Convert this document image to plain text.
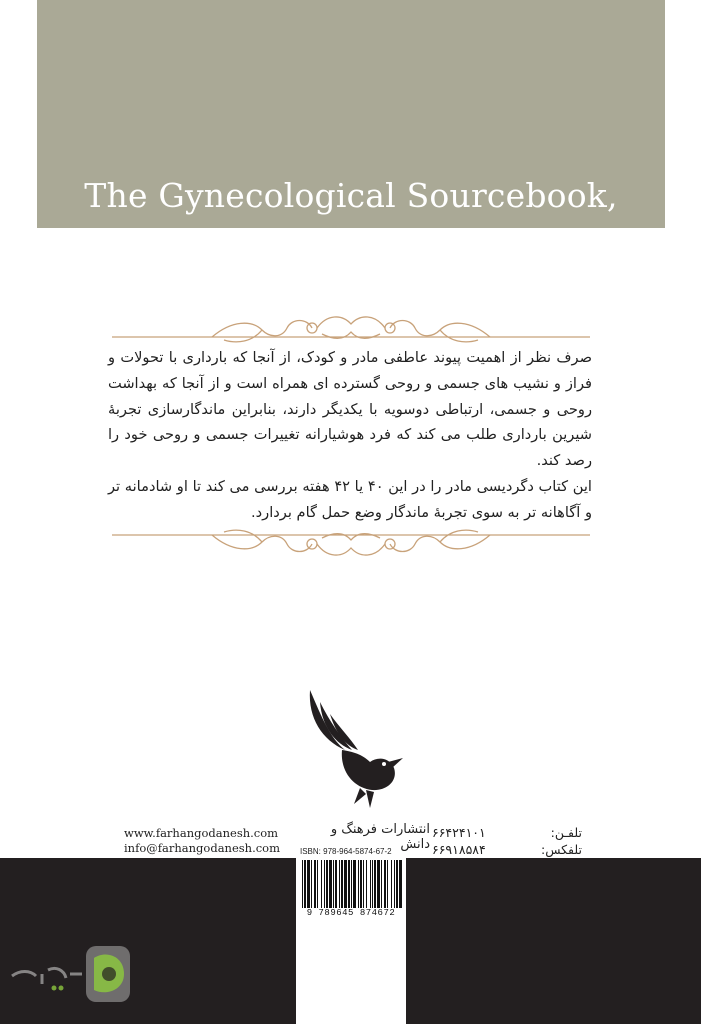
The Gynecological Sourcebook,

صرف نظر از اهمیت پیوند عاطفی مادر و کودک، از آنجا که بارداری با تحولات و فراز و نشیب های جسمی و روحی گسترده ای همراه است و از آنجا که بهداشت روحی و جسمی، ارتباطی دوسویه با یکدیگر دارند، بنابراین ماندگارسازی تجربۀ شیرین بارداری طلب می کند که فرد هوشیارانه تغییرات جسمی و روحی خود را رصد کند.

این کتاب دگردیسی مادر را در این ۴۰ یا ۴۲ هفته بررسی می کند تا او شادمانه تر و آگاهانه تر به سوی تجربۀ ماندگار وضع حمل گام بردارد.

انتشارات فرهنگ و دانش
تلفـن:
۶۶۴۲۴۱۰۱
تلفکس:
۶۶۹۱۸۵۸۴
www.farhangodanesh.com
info@farhangodanesh.com	ISBN: 978-964-5874-67-2
9 789645 874672
